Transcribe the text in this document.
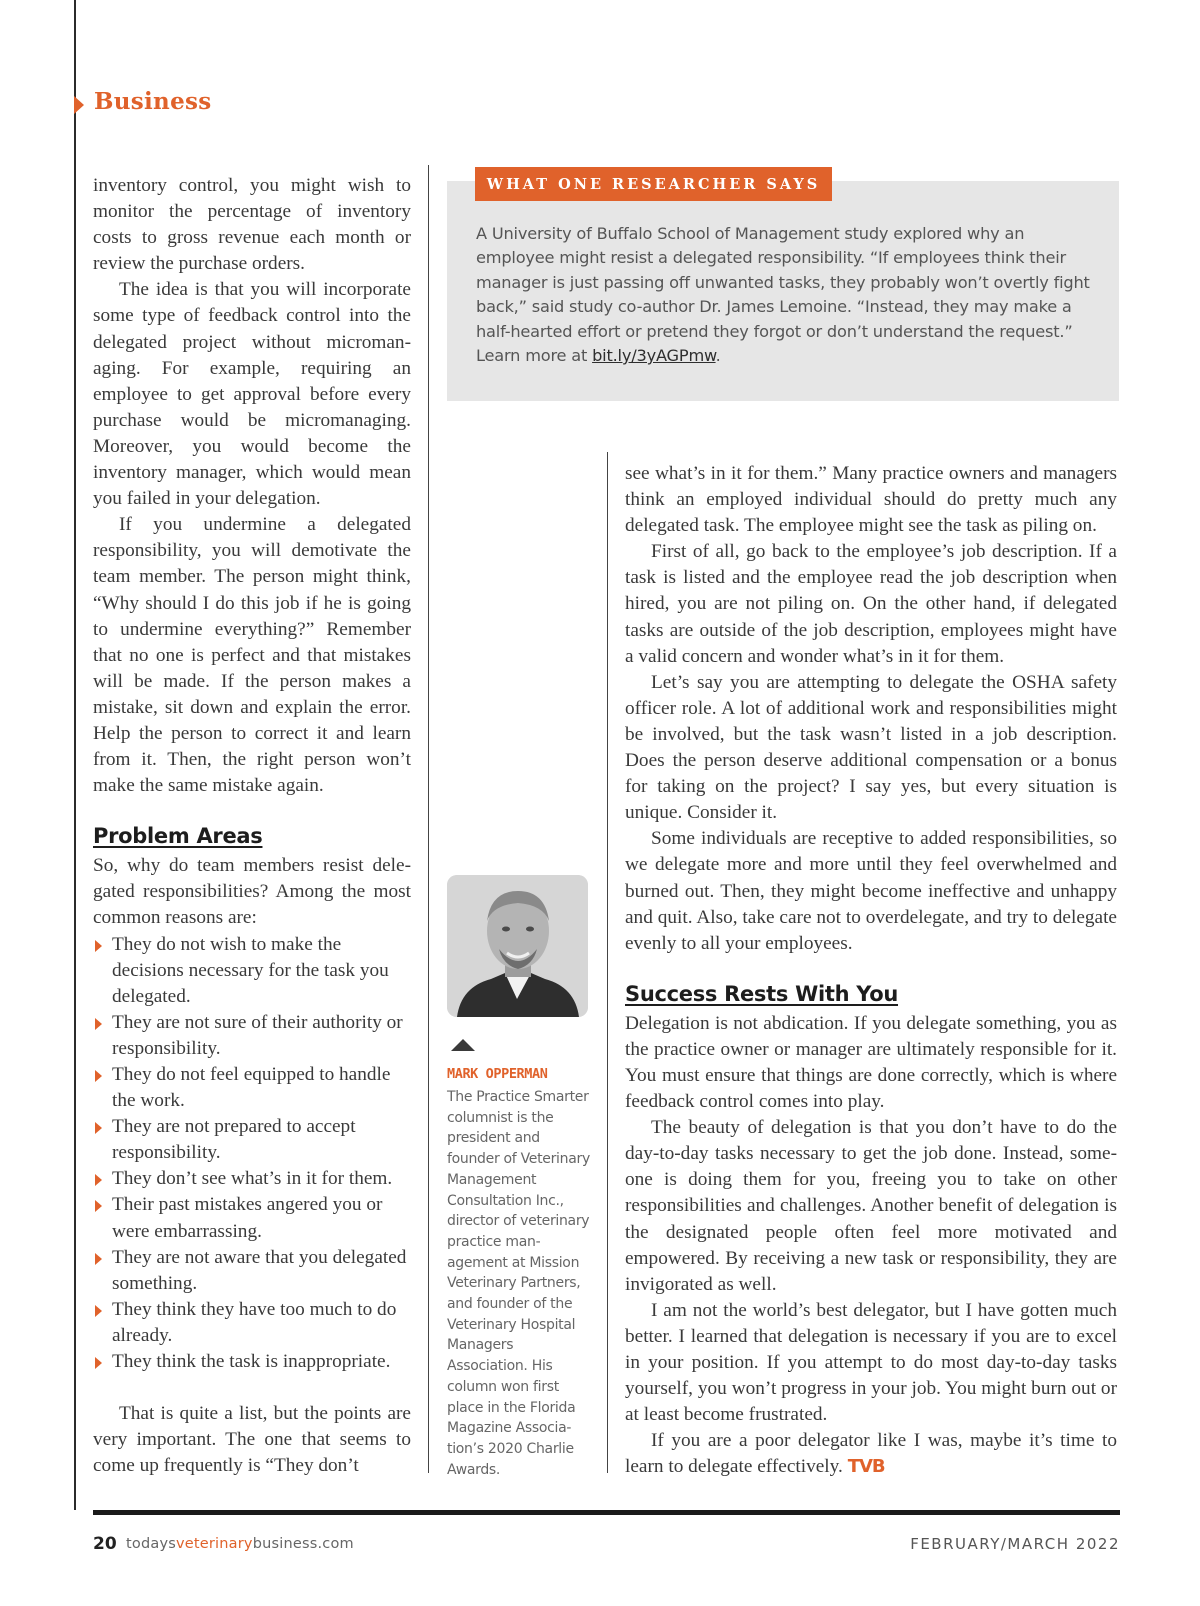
Business

inventory control, you might wish to monitor the percentage of inventory costs to gross revenue each month or review the purchase orders.

The idea is that you will incorporate some type of feedback control into the delegated project without micromanaging. For example, requiring an employee to get approval before every purchase would be micromanaging. Moreover, you would become the inventory manager, which would mean you failed in your delegation.

If you undermine a delegated responsibility, you will demotivate the team member. The person might think, “Why should I do this job if he is going to undermine everything?” Remember that no one is perfect and that mistakes will be made. If the person makes a mistake, sit down and explain the error. Help the person to correct it and learn from it. Then, the right person won’t make the same mistake again.

Problem Areas

So, why do team members resist delegated responsibilities? Among the most common reasons are:

They do not wish to make the decisions necessary for the task you delegated.
They are not sure of their authority or responsibility.
They do not feel equipped to handle the work.
They are not prepared to accept responsibility.
They don’t see what’s in it for them.
Their past mistakes angered you or were embarrassing.
They are not aware that you delegated something.
They think they have too much to do already.
They think the task is inappropriate.

That is quite a list, but the points are very important. The one that seems to come up frequently is “They don’t

WHAT ONE RESEARCHER SAYS
A University of Buffalo School of Management study explored why an employee might resist a delegated responsibility. “If employees think their manager is just passing off unwanted tasks, they probably won’t overtly fight back,” said study co-author Dr. James Lemoine. “Instead, they may make a half-hearted effort or pretend they forgot or don’t understand the request.” Learn more at bit.ly/3yAGPmw.
MARK OPPERMAN
The Practice Smarter columnist is the president and founder of Veterinary Management Consultation Inc., director of veterinary practice management at Mission Veterinary Partners, and founder of the Veterinary Hospital Managers Association. His column won first place in the Florida Magazine Association’s 2020 Charlie Awards.

see what’s in it for them.” Many practice owners and managers think an employed individual should do pretty much any delegated task. The employee might see the task as piling on.

First of all, go back to the employee’s job description. If a task is listed and the employee read the job description when hired, you are not piling on. On the other hand, if delegated tasks are outside of the job description, employees might have a valid concern and wonder what’s in it for them.

Let’s say you are attempting to delegate the OSHA safety officer role. A lot of additional work and responsibilities might be involved, but the task wasn’t listed in a job description. Does the person deserve additional compensation or a bonus for taking on the project? I say yes, but every situation is unique. Consider it.

Some individuals are receptive to added responsibilities, so we delegate more and more until they feel overwhelmed and burned out. Then, they might become ineffective and unhappy and quit. Also, take care not to overdelegate, and try to delegate evenly to all your employees.

Success Rests With You

Delegation is not abdication. If you delegate something, you as the practice owner or manager are ultimately responsible for it. You must ensure that things are done correctly, which is where feedback control comes into play.

The beauty of delegation is that you don’t have to do the day-to-day tasks necessary to get the job done. Instead, someone is doing them for you, freeing you to take on other responsibilities and challenges. Another benefit of delegation is the designated people often feel more motivated and empowered. By receiving a new task or responsibility, they are invigorated as well.

I am not the world’s best delegator, but I have gotten much better. I learned that delegation is necessary if you are to excel in your position. If you attempt to do most day-to-day tasks yourself, you won’t progress in your job. You might burn out or at least become frustrated.

If you are a poor delegator like I was, maybe it’s time to learn to delegate effectively. TVB

20 todaysveterinarybusiness.com	FEBRUARY/MARCH 2022
